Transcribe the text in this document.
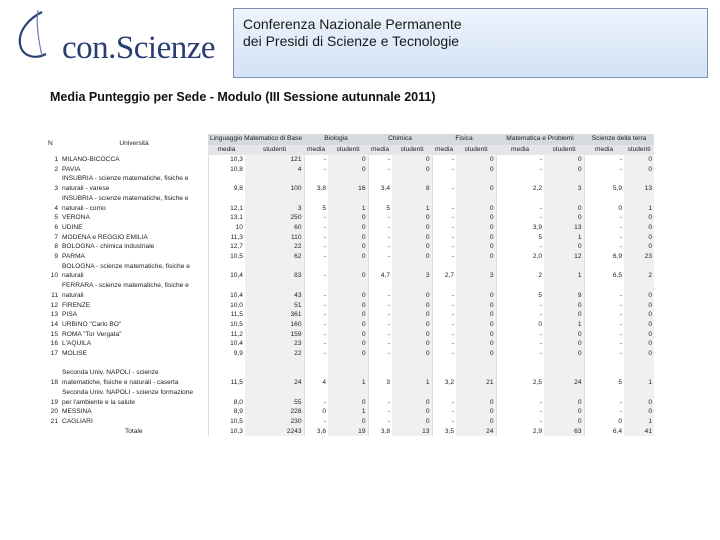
con.Scienze
Conferenza Nazionale Permanente
dei Presidi di Scienze e Tecnologie
Media Punteggio per Sede - Modulo (III Sessione autunnale 2011)
N	Università	Linguaggio Matematico di Base		Biologia		Chimica		Fisica		Matematica e Problemi		Scienze della terra	
		media	studenti	media	studenti	media	studenti	media	studenti	media	studenti	media	studenti
1	MILANO-BICOCCA	10,3	121	-	0	-	0	-	0	-	0	-	0
2	PAVIA	10,8	4	-	0	-	0	-	0	-	0	-	0
	INSUBRIA - scienze matematiche, fisiche e												
3	naturali - varese	9,8	100	3,8	16	3,4	8	-	0	2,2	3	5,9	13
	INSUBRIA - scienze matematiche, fisiche e												
4	naturali - como	12,1	3	5	1	5	1	-	0	-	0	0	1
5	VERONA	13,1	250	-	0	-	0	-	0	-	0	-	0
6	UDINE	10	60	-	0	-	0	-	0	3,9	13	-	0
7	MODENA e REGGIO EMILIA	11,3	110	-	0	-	0	-	0	5	1	-	0
8	BOLOGNA - chimica industriale	12,7	22	-	0	-	0	-	0	-	0	-	0
9	PARMA	10,5	62	-	0	-	0	-	0	2,0	12	6,9	23
	BOLOGNA - scienze matematiche, fisiche e												
10	naturali	10,4	83	-	0	4,7	3	2,7	3	2	1	6,5	2
	FERRARA - scienze matematiche, fisiche e												
11	naturali	10,4	43	-	0	-	0	-	0	5	9	-	0
12	FIRENZE	10,0	51	-	0	-	0	-	0	-	0	-	0
13	PISA	11,5	361	-	0	-	0	-	0	-	0	-	0
14	URBINO "Carlo BO"	10,5	160	-	0	-	0	-	0	0	1	-	0
15	ROMA "Tor Vergata"	11,2	159	-	0	-	0	-	0	-	0	-	0
16	L'AQUILA	10,4	23	-	0	-	0	-	0	-	0	-	0
17	MOLISE	9,9	22	-	0	-	0	-	0	-	0	-	0

	Seconda Univ. NAPOLI - scienze												
18	matematiche, fisiche e naturali - caserta	11,5	24	4	1	3	1	3,2	21	2,5	24	5	1
	Seconda Univ. NAPOLI - scienze formazione												
19	per l'ambiente e la salute	8,0	55	-	0	-	0	-	0	-	0	-	0
20	MESSINA	8,9	228	0	1	-	0	-	0	-	0	-	0
21	CAGLIARI	10,5	230	-	0	-	0	-	0	-	0	0	1
	Totale	10,3	2243	3,6	19	3,8	13	3,5	24	2,9	63	6,4	41
